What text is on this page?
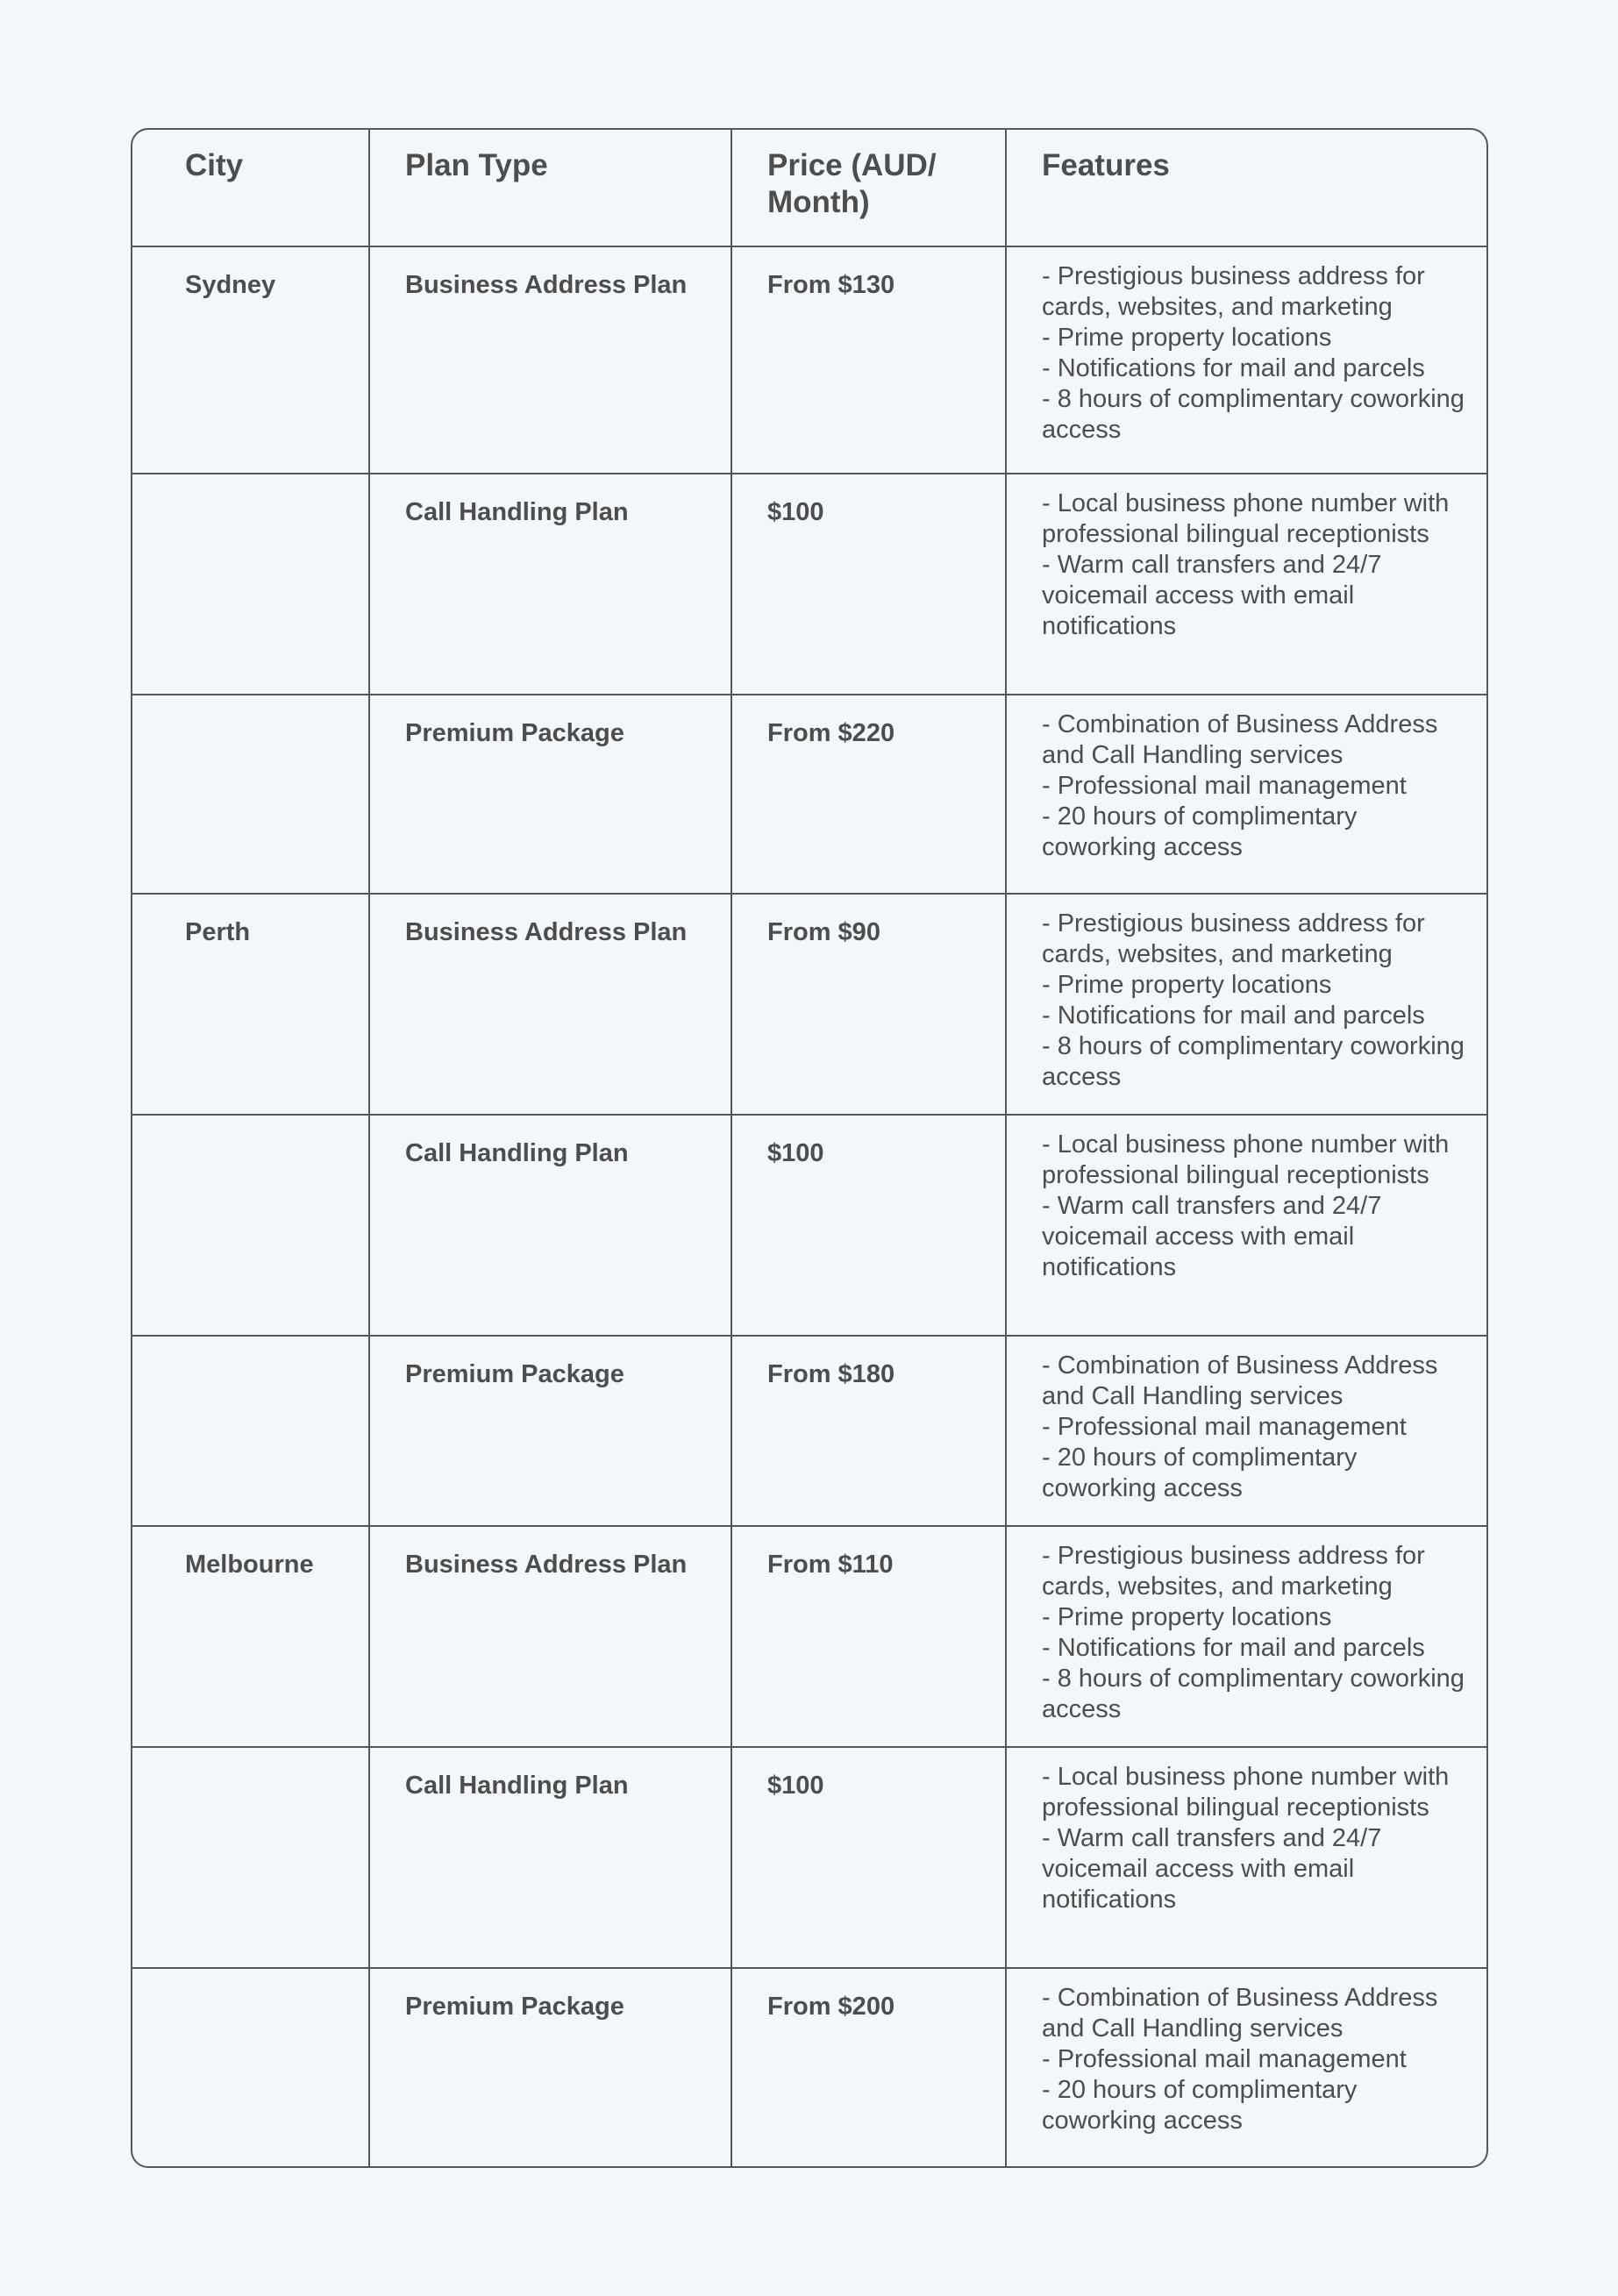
City	Plan Type	Price (AUD/ Month)	Features
Sydney	Business Address Plan	From $130	- Prestigious business address for cards, websites, and marketing
- Prime property locations
- Notifications for mail and parcels
- 8 hours of complimentary coworking access
	Call Handling Plan	$100	- Local business phone number with professional bilingual receptionists
- Warm call transfers and 24/7 voicemail access with email notifications
	Premium Package	From $220	- Combination of Business Address and Call Handling services
- Professional mail management
- 20 hours of complimentary coworking access
Perth	Business Address Plan	From $90	- Prestigious business address for cards, websites, and marketing
- Prime property locations
- Notifications for mail and parcels
- 8 hours of complimentary coworking access
	Call Handling Plan	$100	- Local business phone number with professional bilingual receptionists
- Warm call transfers and 24/7 voicemail access with email notifications
	Premium Package	From $180	- Combination of Business Address and Call Handling services
- Professional mail management
- 20 hours of complimentary coworking access
Melbourne	Business Address Plan	From $110	- Prestigious business address for cards, websites, and marketing
- Prime property locations
- Notifications for mail and parcels
- 8 hours of complimentary coworking access
	Call Handling Plan	$100	- Local business phone number with professional bilingual receptionists
- Warm call transfers and 24/7 voicemail access with email notifications
	Premium Package	From $200	- Combination of Business Address and Call Handling services
- Professional mail management
- 20 hours of complimentary coworking access
